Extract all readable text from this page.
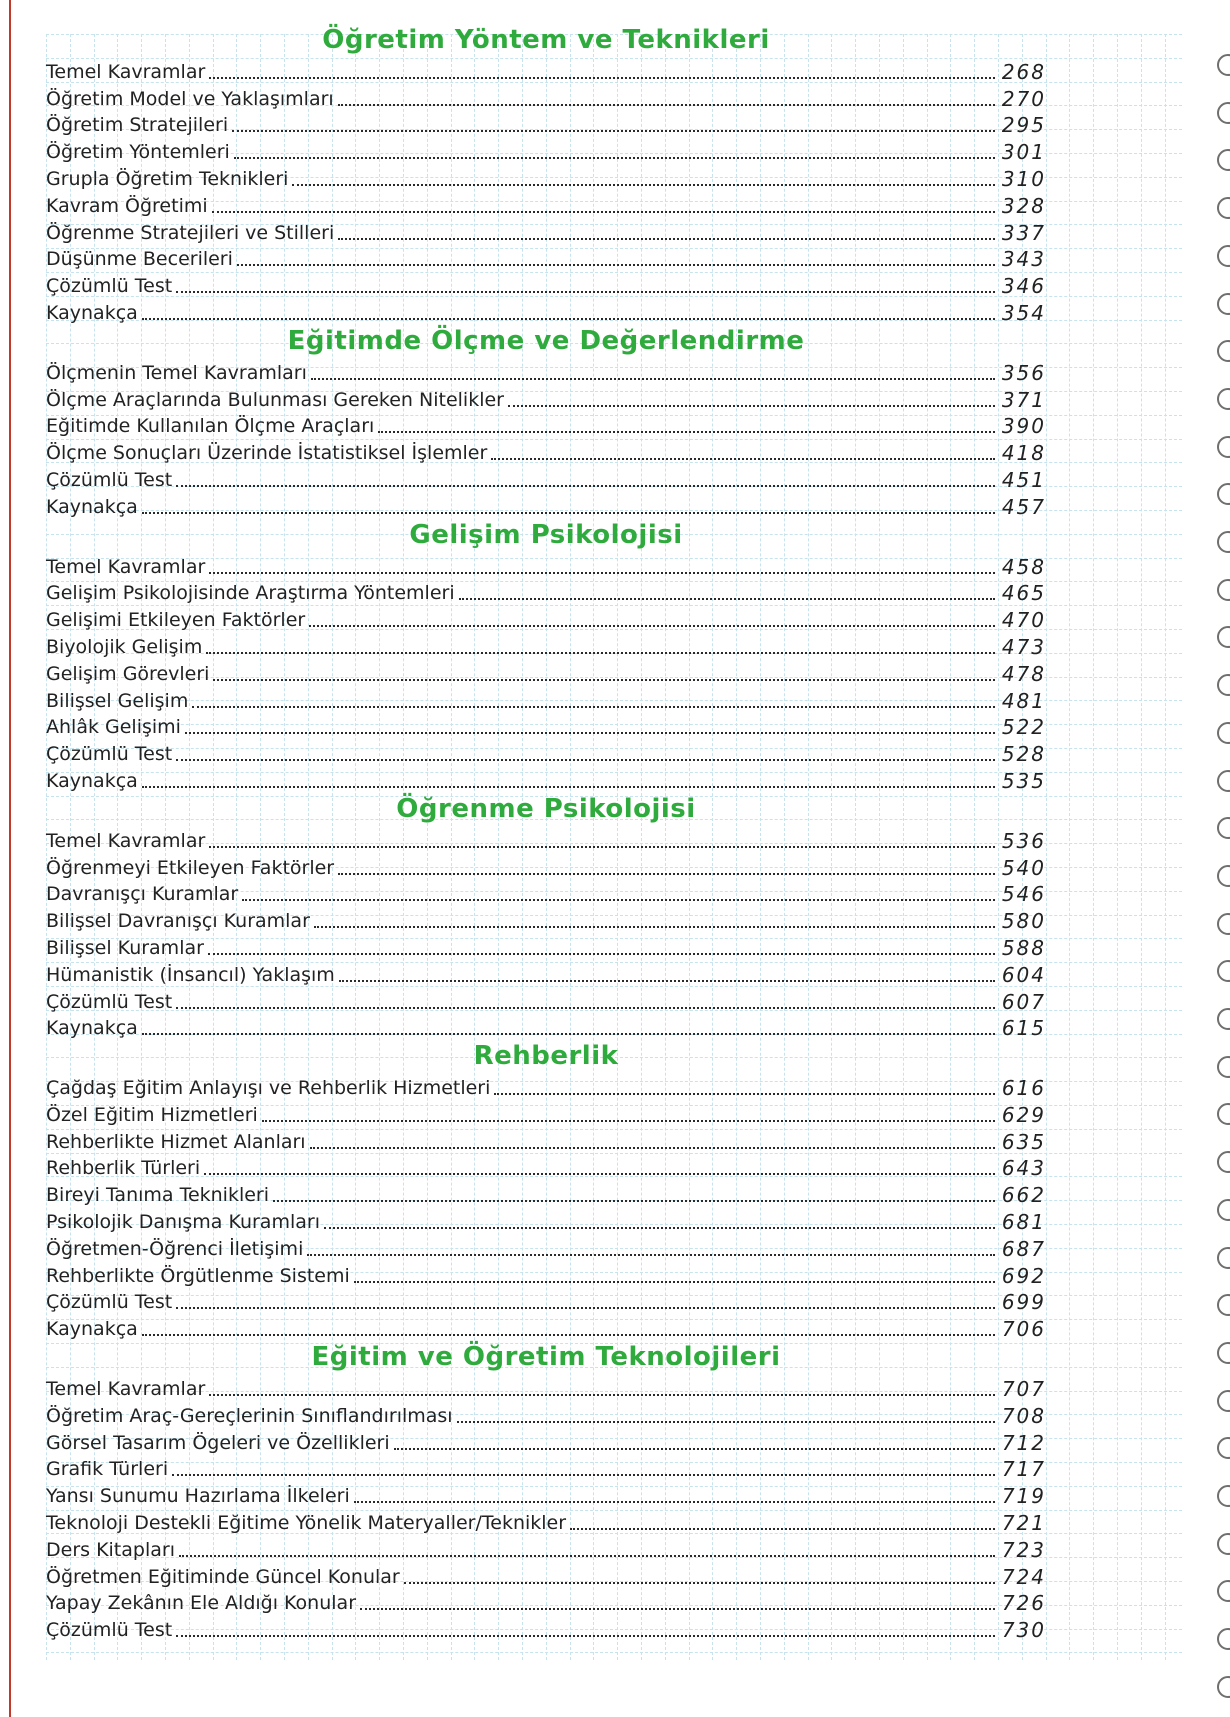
Öğretim Yöntem ve Teknikleri
Temel Kavramlar	268
Öğretim Model ve Yaklaşımları	270
Öğretim Stratejileri	295
Öğretim Yöntemleri	301
Grupla Öğretim Teknikleri	310
Kavram Öğretimi	328
Öğrenme Stratejileri ve Stilleri	337
Düşünme Becerileri	343
Çözümlü Test	346
Kaynakça	354
Eğitimde Ölçme ve Değerlendirme
Ölçmenin Temel Kavramları	356
Ölçme Araçlarında Bulunması Gereken Nitelikler	371
Eğitimde Kullanılan Ölçme Araçları	390
Ölçme Sonuçları Üzerinde İstatistiksel İşlemler	418
Çözümlü Test	451
Kaynakça	457
Gelişim Psikolojisi
Temel Kavramlar	458
Gelişim Psikolojisinde Araştırma Yöntemleri	465
Gelişimi Etkileyen Faktörler	470
Biyolojik Gelişim	473
Gelişim Görevleri	478
Bilişsel Gelişim	481
Ahlâk Gelişimi	522
Çözümlü Test	528
Kaynakça	535
Öğrenme Psikolojisi
Temel Kavramlar	536
Öğrenmeyi Etkileyen Faktörler	540
Davranışçı Kuramlar	546
Bilişsel Davranışçı Kuramlar	580
Bilişsel Kuramlar	588
Hümanistik (İnsancıl) Yaklaşım	604
Çözümlü Test	607
Kaynakça	615
Rehberlik
Çağdaş Eğitim Anlayışı ve Rehberlik Hizmetleri	616
Özel Eğitim Hizmetleri	629
Rehberlikte Hizmet Alanları	635
Rehberlik Türleri	643
Bireyi Tanıma Teknikleri	662
Psikolojik Danışma Kuramları	681
Öğretmen-Öğrenci İletişimi	687
Rehberlikte Örgütlenme Sistemi	692
Çözümlü Test	699
Kaynakça	706
Eğitim ve Öğretim Teknolojileri
Temel Kavramlar	707
Öğretim Araç-Gereçlerinin Sınıflandırılması	708
Görsel Tasarım Ögeleri ve Özellikleri	712
Grafik Türleri	717
Yansı Sunumu Hazırlama İlkeleri	719
Teknoloji Destekli Eğitime Yönelik Materyaller/Teknikler	721
Ders Kitapları	723
Öğretmen Eğitiminde Güncel Konular	724
Yapay Zekânın Ele Aldığı Konular	726
Çözümlü Test	730
